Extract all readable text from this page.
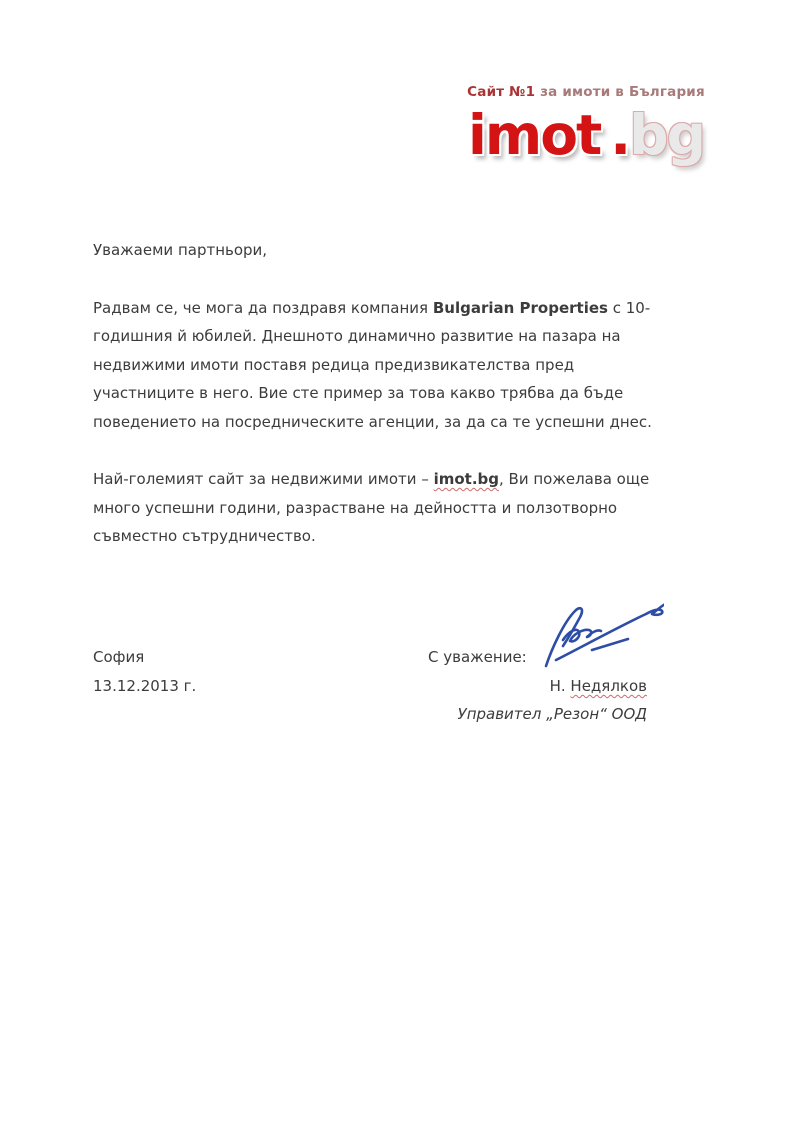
Сайт №1 за имоти в България
imot .bg
Уважаеми партньори,
Радвам се, че мога да поздравя компания Bulgarian Properties с 10-
годишния й юбилей. Днешното динамично развитие на пазара на
недвижими имоти поставя редица предизвикателства пред
участниците в него. Вие сте пример за това какво трябва да бъде
поведението на посредническите агенции, за да са те успешни днес.
Най-големият сайт за недвижими имоти – imot.bg, Ви пожелава още
много успешни години, разрастване на дейността и ползотворно
съвместно сътрудничество.
София
13.12.2013 г.
С уважение:
Н. Недялков
Управител „Резон“ ООД
